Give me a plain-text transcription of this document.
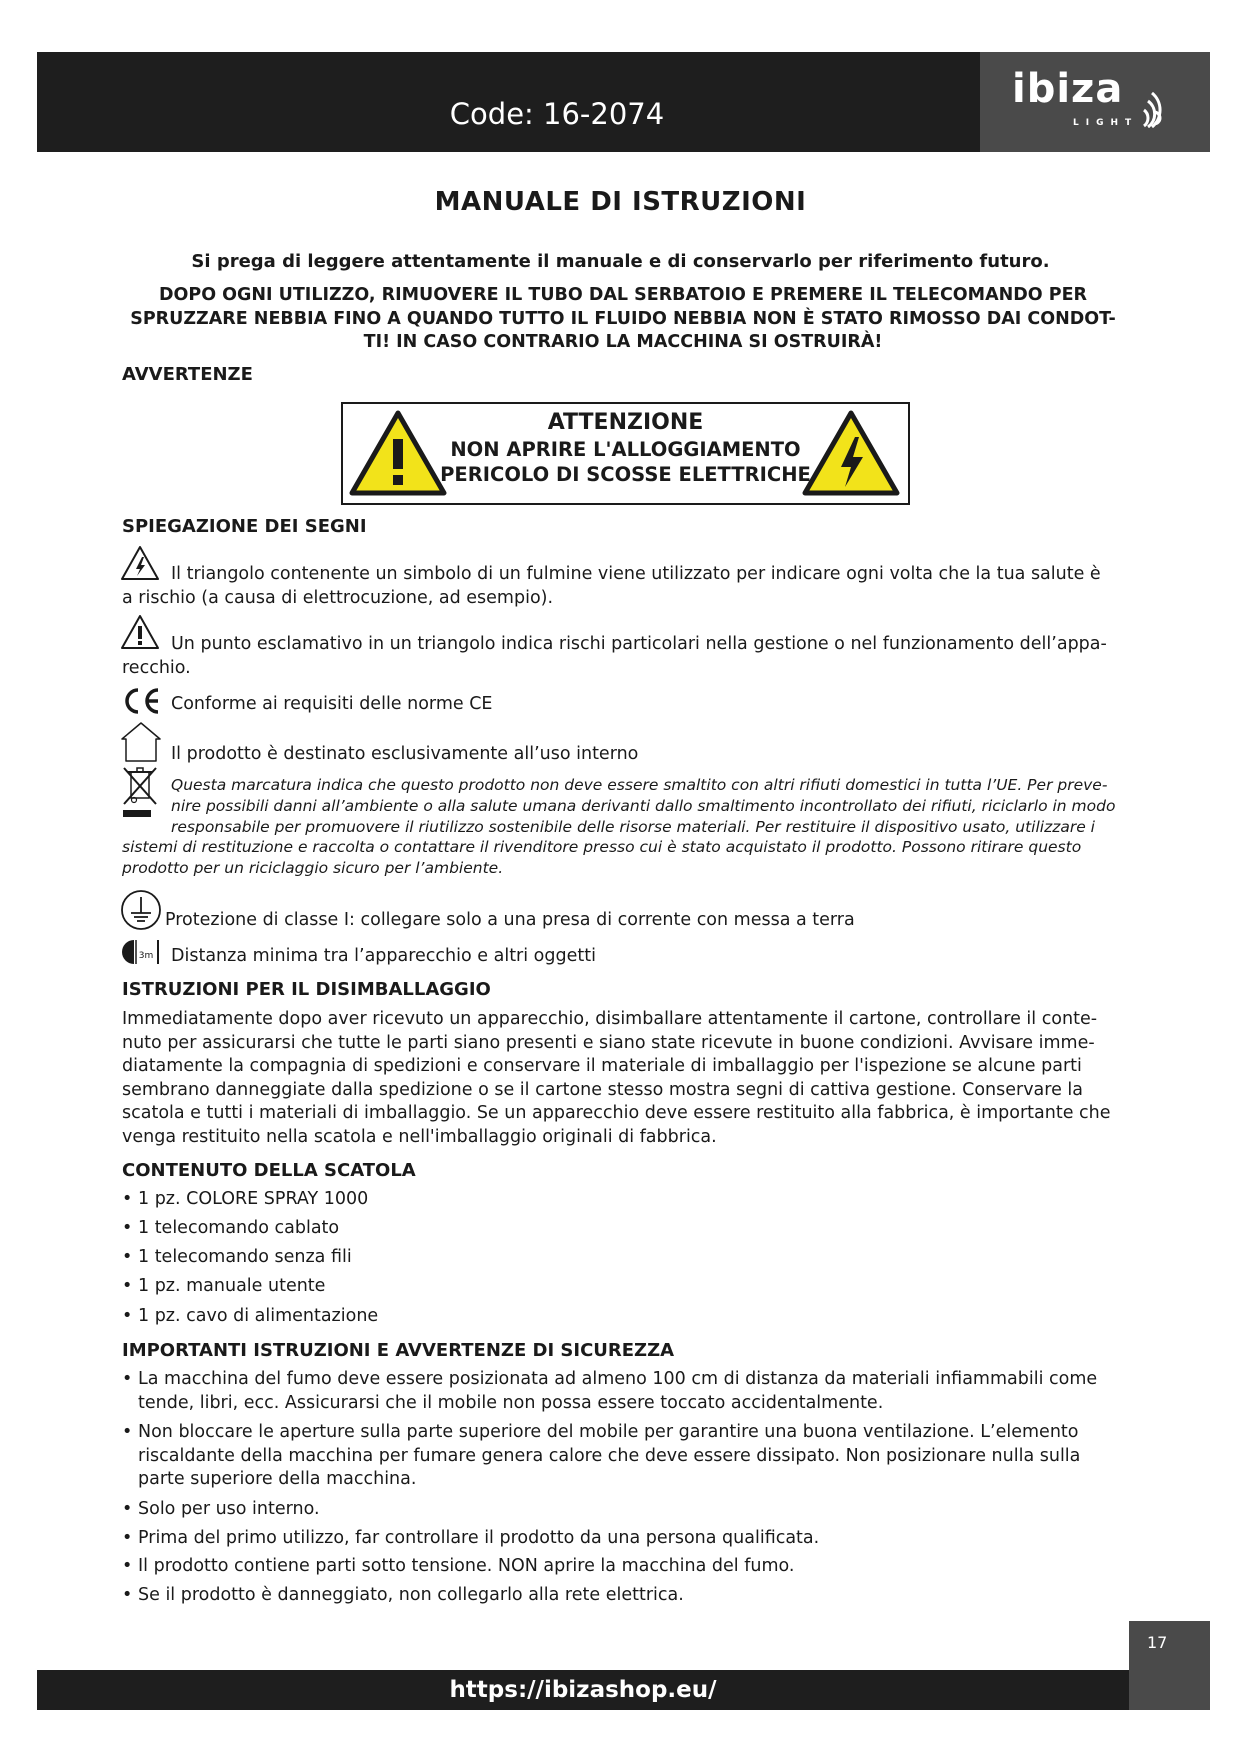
Code: 16-2074
ibiza
LIGHT
MANUALE DI ISTRUZIONI
Si prega di leggere attentamente il manuale e di conservarlo per riferimento futuro.
DOPO OGNI UTILIZZO, RIMUOVERE IL TUBO DAL SERBATOIO E PREMERE IL TELECOMANDO PER
SPRUZZARE NEBBIA FINO A QUANDO TUTTO IL FLUIDO NEBBIA NON È STATO RIMOSSO DAI CONDOT-
TI! IN CASO CONTRARIO LA MACCHINA SI OSTRUIRÀ!
AVVERTENZE
ATTENZIONE
NON APRIRE L'ALLOGGIAMENTO
PERICOLO DI SCOSSE ELETTRICHE
SPIEGAZIONE DEI SEGNI
Il triangolo contenente un simbolo di un fulmine viene utilizzato per indicare ogni volta che la tua salute è
a rischio (a causa di elettrocuzione, ad esempio).
Un punto esclamativo in un triangolo indica rischi particolari nella gestione o nel funzionamento dell’appa-
recchio.
Conforme ai requisiti delle norme CE
Il prodotto è destinato esclusivamente all’uso interno
Questa marcatura indica che questo prodotto non deve essere smaltito con altri rifiuti domestici in tutta l’UE. Per preve-
nire possibili danni all’ambiente o alla salute umana derivanti dallo smaltimento incontrollato dei rifiuti, riciclarlo in modo
responsabile per promuovere il riutilizzo sostenibile delle risorse materiali. Per restituire il dispositivo usato, utilizzare i
sistemi di restituzione e raccolta o contattare il rivenditore presso cui è stato acquistato il prodotto. Possono ritirare questo
prodotto per un riciclaggio sicuro per l’ambiente.
Protezione di classe I: collegare solo a una presa di corrente con messa a terra
3m	Distanza minima tra l’apparecchio e altri oggetti
ISTRUZIONI PER IL DISIMBALLAGGIO
Immediatamente dopo aver ricevuto un apparecchio, disimballare attentamente il cartone, controllare il conte-
nuto per assicurarsi che tutte le parti siano presenti e siano state ricevute in buone condizioni. Avvisare imme-
diatamente la compagnia di spedizioni e conservare il materiale di imballaggio per l'ispezione se alcune parti
sembrano danneggiate dalla spedizione o se il cartone stesso mostra segni di cattiva gestione. Conservare la
scatola e tutti i materiali di imballaggio. Se un apparecchio deve essere restituito alla fabbrica, è importante che
venga restituito nella scatola e nell'imballaggio originali di fabbrica.
CONTENUTO DELLA SCATOLA
• 1 pz. COLORE SPRAY 1000
• 1 telecomando cablato
• 1 telecomando senza fili
• 1 pz. manuale utente
• 1 pz. cavo di alimentazione
IMPORTANTI ISTRUZIONI E AVVERTENZE DI SICUREZZA
• La macchina del fumo deve essere posizionata ad almeno 100 cm di distanza da materiali infiammabili come
tende, libri, ecc. Assicurarsi che il mobile non possa essere toccato accidentalmente.
• Non bloccare le aperture sulla parte superiore del mobile per garantire una buona ventilazione. L’elemento
riscaldante della macchina per fumare genera calore che deve essere dissipato. Non posizionare nulla sulla
parte superiore della macchina.
• Solo per uso interno.
• Prima del primo utilizzo, far controllare il prodotto da una persona qualificata.
• Il prodotto contiene parti sotto tensione. NON aprire la macchina del fumo.
• Se il prodotto è danneggiato, non collegarlo alla rete elettrica.
17
https://ibizashop.eu/
